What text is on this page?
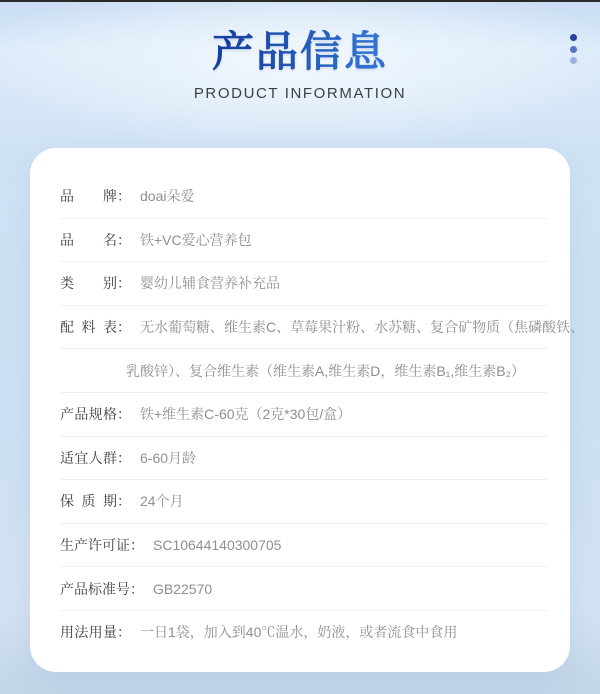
产品信息
PRODUCT INFORMATION
品牌 ： doai朵爱
品名 ： 铁+VC爱心营养包
类别 ： 婴幼儿辅食营养补充品
配料表 ： 无水葡萄糖、维生素C、草莓果汁粉、水苏糖、复合矿物质（焦磷酸铁、
乳酸锌）、复合维生素（维生素A,维生素D，维生素B₁,维生素B₂）
产品规格 ： 铁+维生素C-60克（2克*30包/盒）
适宜人群 ： 6-60月龄
保质期 ： 24个月
生产许可证 ： SC10644140300705
产品标准号 ： GB22570
用法用量 ： 一日1袋，加入到40℃温水，奶液，或者流食中食用
